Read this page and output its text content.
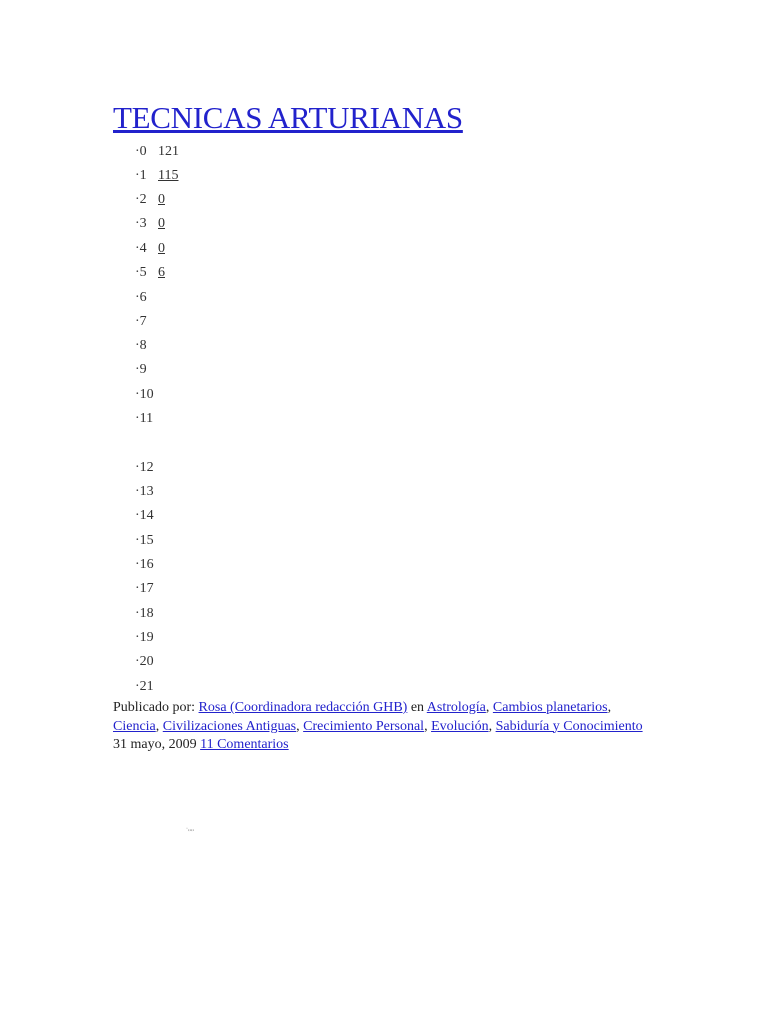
TECNICAS ARTURIANAS
·0 121
·1 115
·2 0
·3 0
·4 0
·5 6
·6
·7
·8
·9
·10
·11
·12
·13
·14
·15
·16
·17
·18
·19
·20
·21
Publicado por: Rosa (Coordinadora redacción GHB) en Astrología, Cambios planetarios, Ciencia, Civilizaciones Antiguas, Crecimiento Personal, Evolución, Sabiduría y Conocimiento 31 mayo, 2009 11 Comentarios
·,,,,
